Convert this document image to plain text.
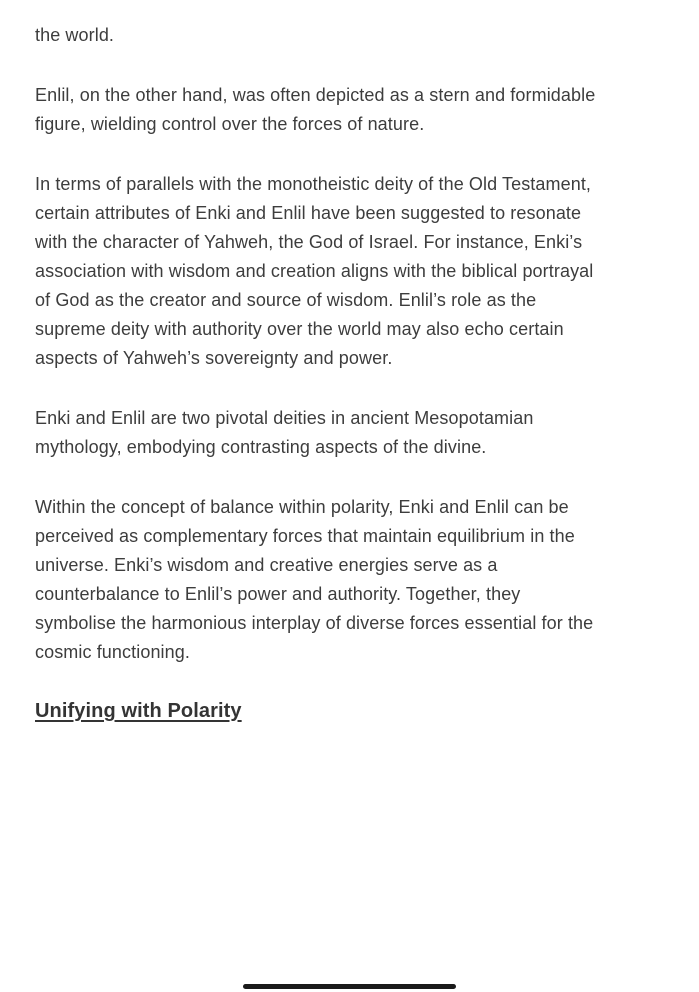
the world.

Enlil, on the other hand, was often depicted as a stern and formidable
figure, wielding control over the forces of nature.

In terms of parallels with the monotheistic deity of the Old Testament,
certain attributes of Enki and Enlil have been suggested to resonate
with the character of Yahweh, the God of Israel. For instance, Enki’s
association with wisdom and creation aligns with the biblical portrayal
of God as the creator and source of wisdom. Enlil’s role as the
supreme deity with authority over the world may also echo certain
aspects of Yahweh’s sovereignty and power.

Enki and Enlil are two pivotal deities in ancient Mesopotamian
mythology, embodying contrasting aspects of the divine.

Within the concept of balance within polarity, Enki and Enlil can be
perceived as complementary forces that maintain equilibrium in the
universe. Enki’s wisdom and creative energies serve as a
counterbalance to Enlil’s power and authority. Together, they
symbolise the harmonious interplay of diverse forces essential for the
cosmic functioning.

Unifying with Polarity
